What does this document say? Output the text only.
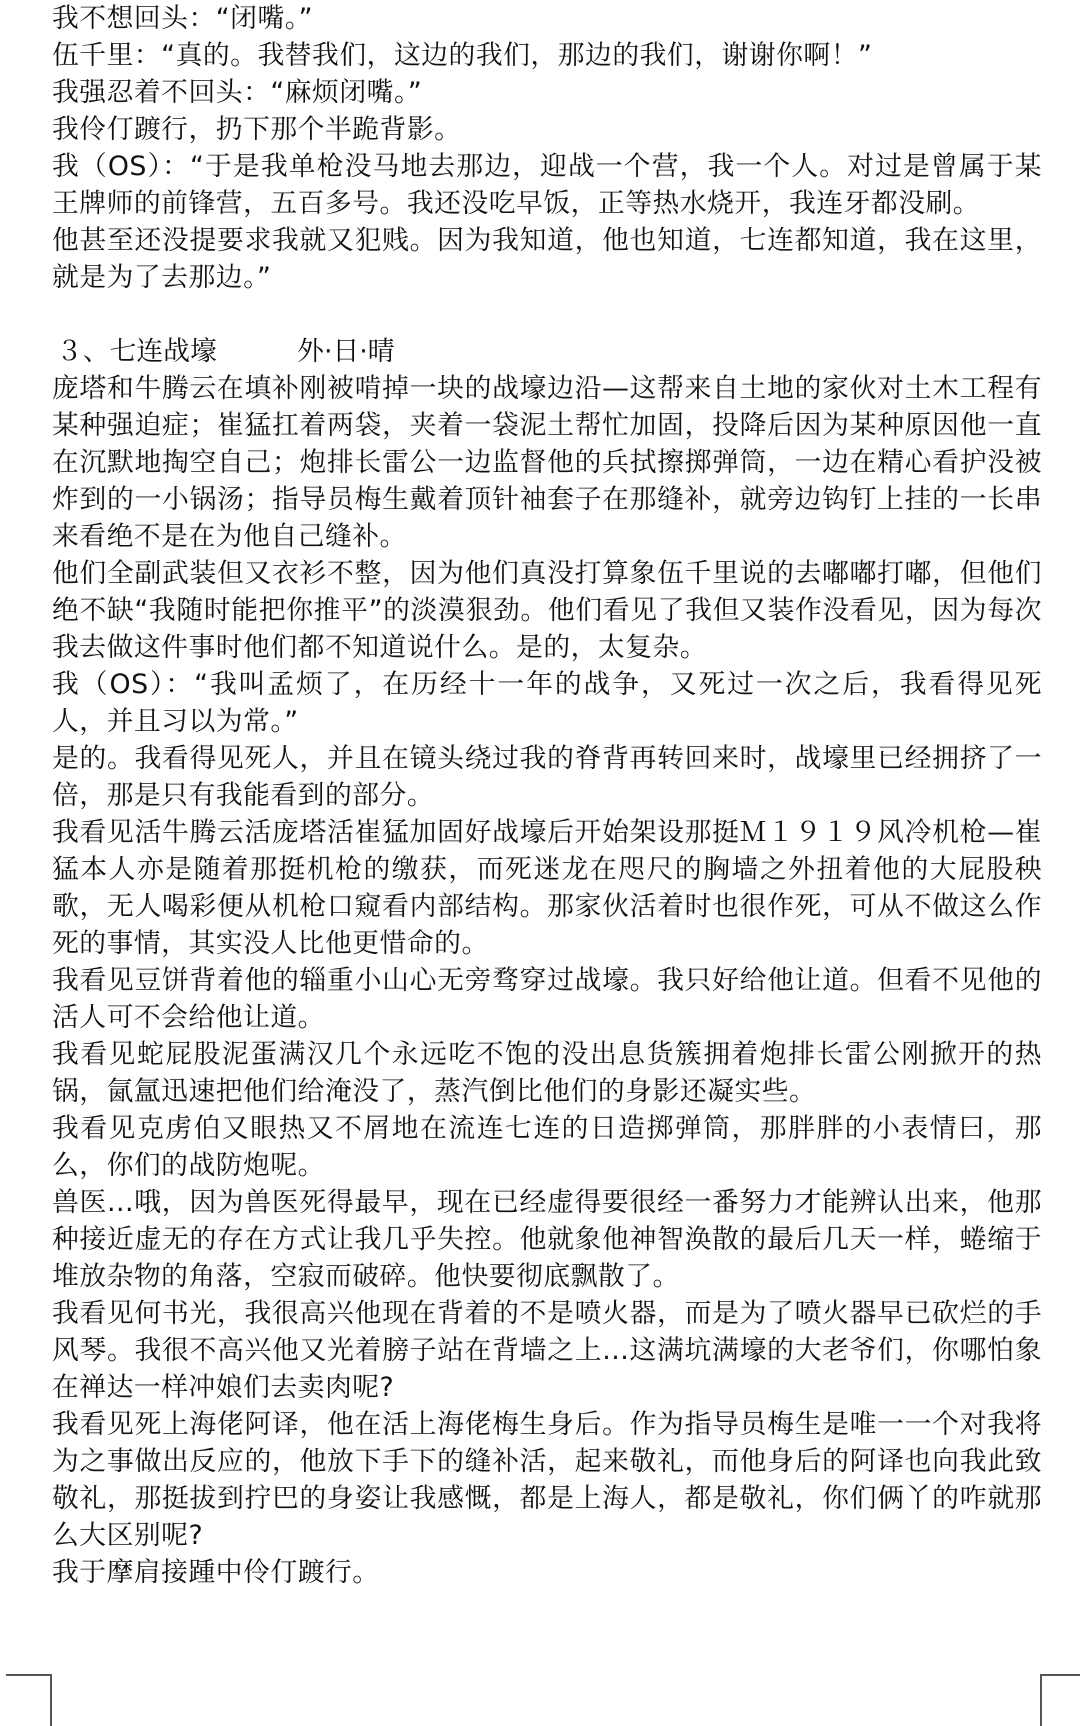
我不想回头：“闭嘴。”

伍千里：“真的。我替我们，这边的我们，那边的我们，谢谢你啊！”

我强忍着不回头：“麻烦闭嘴。”

我伶仃踱行，扔下那个半跪背影。

我（OS）：“于是我单枪没马地去那边，迎战一个营，我一个人。对过是曾属于某王牌师的前锋营，五百多号。我还没吃早饭，正等热水烧开，我连牙都没刷。

他甚至还没提要求我就又犯贱。因为我知道，他也知道，七连都知道，我在这里，就是为了去那边。”

３、七连战壕　　　外·日·晴

庞塔和牛腾云在填补刚被啃掉一块的战壕边沿—这帮来自土地的家伙对土木工程有某种强迫症；崔猛扛着两袋，夹着一袋泥土帮忙加固，投降后因为某种原因他一直在沉默地掏空自己；炮排长雷公一边监督他的兵拭擦掷弹筒，一边在精心看护没被炸到的一小锅汤；指导员梅生戴着顶针袖套子在那缝补，就旁边钩钉上挂的一长串来看绝不是在为他自己缝补。

他们全副武装但又衣衫不整，因为他们真没打算象伍千里说的去嘟嘟打嘟，但他们绝不缺“我随时能把你推平”的淡漠狠劲。他们看见了我但又装作没看见，因为每次我去做这件事时他们都不知道说什么。是的，太复杂。

我（OS）：“我叫孟烦了，在历经十一年的战争，又死过一次之后，我看得见死人，并且习以为常。”

是的。我看得见死人，并且在镜头绕过我的脊背再转回来时，战壕里已经拥挤了一倍，那是只有我能看到的部分。

我看见活牛腾云活庞塔活崔猛加固好战壕后开始架设那挺Ｍ１９１９风冷机枪—崔猛本人亦是随着那挺机枪的缴获，而死迷龙在咫尺的胸墙之外扭着他的大屁股秧歌，无人喝彩便从机枪口窥看内部结构。那家伙活着时也很作死，可从不做这么作死的事情，其实没人比他更惜命的。

我看见豆饼背着他的辎重小山心无旁骛穿过战壕。我只好给他让道。但看不见他的活人可不会给他让道。

我看见蛇屁股泥蛋满汉几个永远吃不饱的没出息货簇拥着炮排长雷公刚掀开的热锅，氤氲迅速把他们给淹没了，蒸汽倒比他们的身影还凝实些。

我看见克虏伯又眼热又不屑地在流连七连的日造掷弹筒，那胖胖的小表情曰，那么，你们的战防炮呢。

兽医...哦，因为兽医死得最早，现在已经虚得要很经一番努力才能辨认出来，他那种接近虚无的存在方式让我几乎失控。他就象他神智涣散的最后几天一样，蜷缩于堆放杂物的角落，空寂而破碎。他快要彻底飘散了。

我看见何书光，我很高兴他现在背着的不是喷火器，而是为了喷火器早已砍烂的手风琴。我很不高兴他又光着膀子站在背墙之上...这满坑满壕的大老爷们，你哪怕象在禅达一样冲娘们去卖肉呢?

我看见死上海佬阿译，他在活上海佬梅生身后。作为指导员梅生是唯一一个对我将为之事做出反应的，他放下手下的缝补活，起来敬礼，而他身后的阿译也向我此致敬礼，那挺拔到拧巴的身姿让我感慨，都是上海人，都是敬礼，你们俩丫的咋就那么大区别呢?

我于摩肩接踵中伶仃踱行。
